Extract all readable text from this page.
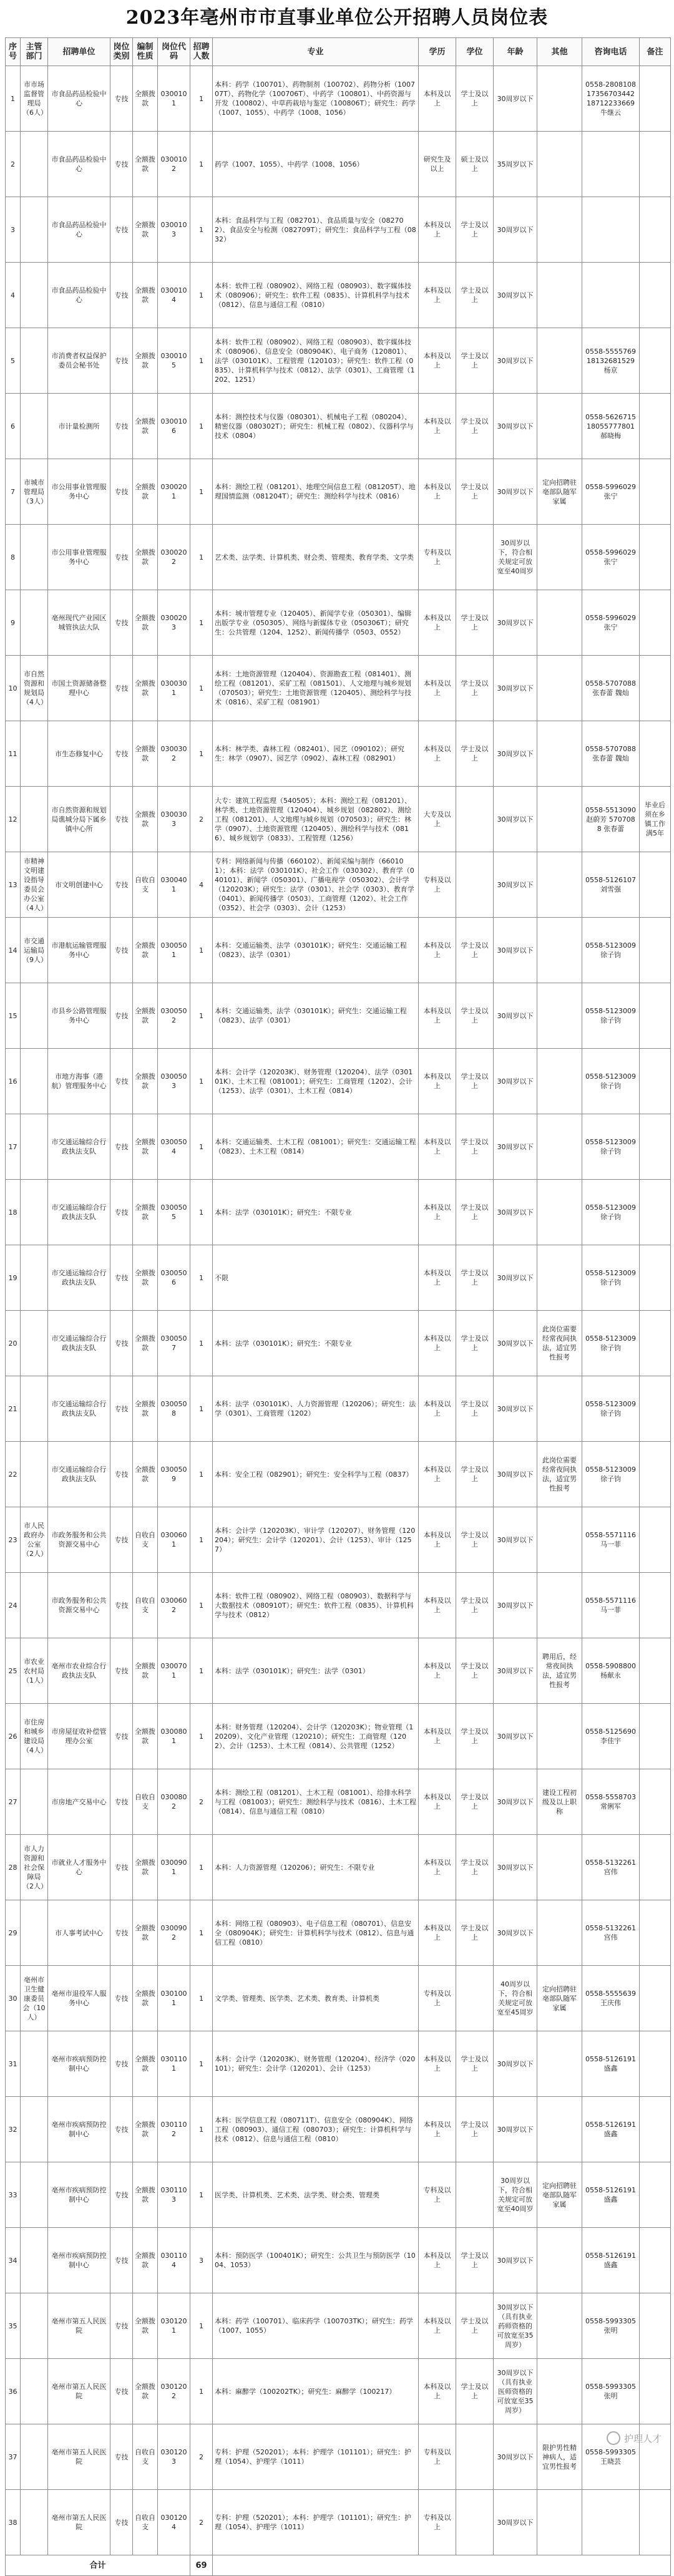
2023年亳州市市直事业单位公开招聘人员岗位表
序号	主管部门	招聘单位	岗位类别	编制性质	岗位代码	招聘人数	专业	学历	学位	年龄	其他	咨询电话	备注
1	市市场监督管理局（6人）	市食品药品检验中心	专技	全额拨款	0300101	1	本科：药学（100701）、药物制剂（100702）、药物分析（100707T）、药物化学（100706T）、中药学（100801）、中药资源与开发（100802）、中草药栽培与鉴定（100806T）；研究生：药学（1007、1055）、中药学（1008、1056）	本科及以上	学士及以上	30周岁以下		0558-2808108 17356703442 18712233669 牛继云	
2		市食品药品检验中心	专技	全额拨款	0300102	1	药学（1007、1055）、中药学（1008、1056）	研究生及以上	硕士及以上	35周岁以下			
3		市食品药品检验中心	专技	全额拨款	0300103	1	本科：食品科学与工程（082701）、食品质量与安全（082702）、食品安全与检测（082709T）；研究生：食品科学与工程（0832）	本科及以上	学士及以上	30周岁以下			
4		市食品药品检验中心	专技	全额拨款	0300104	1	本科：软件工程（080902）、网络工程（080903）、数字媒体技术（080906）；研究生：软件工程（0835）、计算机科学与技术（0812）、信息与通信工程（0810）	本科及以上	学士及以上	30周岁以下			
5		市消费者权益保护委员会秘书处	专技	全额拨款	0300105	1	本科：软件工程（080902）、网络工程（080903）、数字媒体技术（080906）、信息安全（080904K）、电子商务（120801）、法学（030101K）、工程管理（120103）；研究生：软件工程（0835）、计算机科学与技术（0812）、法学（0301）、工商管理（1202、1251）	本科及以上	学士及以上	30周岁以下		0558-5555769 18132681529 杨京	
6		市计量检测所	专技	全额拨款	0300106	1	本科：测控技术与仪器（080301）、机械电子工程（080204）、精密仪器（080302T）；研究生：机械工程（0802）、仪器科学与技术（0804）	本科及以上	学士及以上	30周岁以下		0558-5626715 18055777801 郝晓梅	
7	市城市管理局（3人）	市公用事业管理服务中心	专技	全额拨款	0300201	1	本科：测绘工程（081201）、地理空间信息工程（081205T）、地理国情监测（081204T）；研究生：测绘科学与技术（0816）	本科及以上	学士及以上	30周岁以下	定向招聘驻亳部队随军家属	0558-5996029 张宁	
8		市公用事业管理服务中心	专技	全额拨款	0300202	1	艺术类、法学类、计算机类、财会类、管理类、教育学类、文学类	专科及以上		30周岁以下，符合相关规定可放宽至40周岁		0558-5996029 张宁	
9		亳州现代产业园区城管执法大队	专技	全额拨款	0300203	1	本科：城市管理专业（120405）、新闻学专业（050301）、编辑出版学专业（050305）、网络与新媒体专业（050306T）；研究生：公共管理（1204、1252）、新闻传播学（0503、0552）	本科及以上	学士及以上	30周岁以下		0558-5996029 张宁	
10	市自然资源和规划局（4人）	市国土资源储备整理中心	专技	全额拨款	0300301	1	本科：土地资源管理（120404）、资源勘查工程（081401）、测绘工程（081201）、采矿工程（081501）、人文地理与城乡规划（070503）；研究生：土地资源管理（120405）、测绘科学与技术（0816）、采矿工程（081901）	本科及以上	学士及以上	30周岁以下		0558-5707088 张春蕾 魏灿	
11		市生态修复中心	专技	全额拨款	0300302	1	本科：林学类、森林工程（082401）、园艺（090102）；研究生：林学（0907）、园艺学（0902）、森林工程（082901）	本科及以上	学士及以上	30周岁以下		0558-5707088 张春蕾 魏灿	
12		市自然资源和规划局谯城分局下属乡镇中心所	专技	全额拨款	0300303	2	大专：建筑工程监理（540505）；本科：测绘工程（081201）、林学类、土地资源管理（120404）、城乡规划（082802）、测绘工程（081201）、人文地理与城乡规划（070503）；研究生：林学（0907）、土地资源管理（120405）、测绘科学与技术（0816）、城乡规划学（0833）、工程管理（1256）	大专及以上		30周岁以下		0558-5513090 赵蔚芳 5707088 张春蕾	毕业后须在乡镇工作满5年
13	市精神文明建设指导委员会办公室（4人）	市文明创建中心	专技	自收自支	0300401	4	专科：网络新闻与传播（660102）、新闻采编与制作（660101）；本科：法学（030101K）、社会工作（030302）、教育学（040101）、新闻学（050301）、广播电视学（050302）、会计学（120203K）；研究生：法学（0301）、社会学（0303）、教育学（0401）、新闻传播学（0503）、工商管理（1202）、社会工作（0352）、社会学（0303）、会计（1253）	专科及以上		30周岁以下		0558-5126107 刘雪强	
14	市交通运输局（9人）	市港航运输管理服务中心	专技	全额拨款	0300501	1	本科：交通运输类、法学（030101K）；研究生：交通运输工程（0823）、法学（0301）	本科及以上	学士及以上	30周岁以下		0558-5123009 徐子钧	
15		市县乡公路管理服务中心	专技	全额拨款	0300502	1	本科：交通运输类、法学（030101K）；研究生：交通运输工程（0823）、法学（0301）	本科及以上	学士及以上	30周岁以下		0558-5123009 徐子钧	
16		市地方海事（港航）管理服务中心	专技	全额拨款	0300503	1	本科：会计学（120203K）、财务管理（120204）、法学（030101K）、土木工程（081001）；研究生：工商管理（1202）、会计（1253）、法学（0301）、土木工程（0814）	本科及以上	学士及以上	30周岁以下		0558-5123009 徐子钧	
17		市交通运输综合行政执法支队	专技	全额拨款	0300504	1	本科：交通运输类、土木工程（081001）；研究生：交通运输工程（0823）、土木工程（0814）	本科及以上	学士及以上	30周岁以下		0558-5123009 徐子钧	
18		市交通运输综合行政执法支队	专技	全额拨款	0300505	1	本科：法学（030101K）；研究生：不限专业	本科及以上	学士及以上	30周岁以下		0558-5123009 徐子钧	
19		市交通运输综合行政执法支队	专技	全额拨款	0300506	1	不限	本科及以上	学士及以上	30周岁以下		0558-5123009 徐子钧	
20		市交通运输综合行政执法支队	专技	全额拨款	0300507	1	本科：法学（030101K）；研究生：不限专业	本科及以上	学士及以上	30周岁以下	此岗位需要经常夜间执法，适宜男性报考	0558-5123009 徐子钧	
21		市交通运输综合行政执法支队	专技	全额拨款	0300508	1	本科：法学（030101K）、人力资源管理（120206）；研究生：法学（0301）、工商管理（1202）	本科及以上	学士及以上	30周岁以下		0558-5123009 徐子钧	
22		市交通运输综合行政执法支队	专技	全额拨款	0300509	1	本科：安全工程（082901）；研究生：安全科学与工程（0837）	本科及以上	学士及以上	30周岁以下	此岗位需要经常夜间执法，适宜男性报考	0558-5123009 徐子钧	
23	市人民政府办公室（2人）	市政务服务和公共资源交易中心	专技	自收自支	0300601	1	本科：会计学（120203K）、审计学（120207）、财务管理（120204）；研究生：会计学（120201）、会计（1253）、审计（1257）	本科及以上	学士及以上	30周岁以下		0558-5571116 马一菲	
24		市政务服务和公共资源交易中心	专技	自收自支	0300602	1	本科：软件工程（080902）、网络工程（080903）、数据科学与大数据技术（080910T）；研究生：软件工程（0835）、计算机科学与技术（0812）	本科及以上	学士及以上	30周岁以下		0558-5571116 马一菲	
25	市农业农村局（1人）	亳州市农业综合行政执法支队	专技	全额拨款	0300701	1	本科：法学（030101K）；研究生：法学（0301）	本科及以上	学士及以上	30周岁以下	聘用后，经常夜间执法，适宜男性报考	0558-5908800 杨献永	
26	市住房和城乡建设局（4人）	市房屋征收补偿管理办公室	专技	全额拨款	0300801	1	本科：财务管理（120204）、会计学（120203K）；物业管理（120209）、文化产业管理（120210）；研究生：工商管理（1202）、会计（1253）、土木工程（0814）、公共管理（1252）	本科及以上	学士及以上	30周岁以下		0558-5125690 李佳宇	
27		市房地产交易中心	专技	自收自支	0300802	2	本科：测绘工程（081201）、土木工程（081001）、给排水科学与工程（081003）；研究生：测绘科学与技术（0816）、土木工程（0814）、信息与通信工程（0810）	本科及以上	学士及以上	30周岁以下	建设工程初级及以上职称	0558-5558703 常俐军	
28	市人力资源和社会保障局（2人）	市就业人才服务中心	专技	全额拨款	0300901	1	本科：人力资源管理（120206）；研究生：不限专业	本科及以上	学士及以上	30周岁以下		0558-5132261 宫伟	
29		市人事考试中心	专技	全额拨款	0300902	1	本科：网络工程（080903）、电子信息工程（080701）、信息安全（080904K）；研究生：计算机科学与技术（0812）、信息与通信工程（0810）	本科及以上	学士及以上	30周岁以下		0558-5132261 宫伟	
30	亳州市卫生健康委员会（10人）	亳州市退役军人服务中心	专技	全额拨款	0301001	1	文学类、管理类、医学类、艺术类、教育类、计算机类	专科及以上		40周岁以下，符合相关规定可放宽至45周岁	定向招聘驻亳部队随军家属	0558-5555639 王庆伟	
31		亳州市疾病预防控制中心	专技	全额拨款	0301101	1	本科：会计学（120203K）、财务管理（120204）、经济学（020101）；研究生：会计学（120201）、会计（1253）	本科及以上	学士及以上	30周岁以下		0558-5126191 盛鑫	
32		亳州市疾病预防控制中心	专技	全额拨款	0301102	1	本科：医学信息工程（080711T）、信息安全（080904K）、网络工程（080903）、通信工程（080703）；研究生：计算机科学与技术（0812）、信息与通信工程（0810）	本科及以上	学士及以上	30周岁以下		0558-5126191 盛鑫	
33		亳州市疾病预防控制中心	专技	全额拨款	0301103	1	医学类、计算机类、艺术类、法学类、财会类、管理类	专科及以上		30周岁以下，符合相关规定可放宽至40周岁	定向招聘驻亳部队随军家属	0558-5126191 盛鑫	
34		亳州市疾病预防控制中心	专技	全额拨款	0301104	3	本科：预防医学（100401K）；研究生：公共卫生与预防医学（1004、1053）	本科及以上	学士及以上	30周岁以下		0558-5126191 盛鑫	
35		亳州市第五人民医院	专技	全额拨款	0301201	1	本科：药学（100701）、临床药学（100703TK）；研究生：药学（1007、1055）	本科及以上	学士及以上	30周岁以下（具有执业药师资格的可放宽至35周岁）		0558-5993305 张明	
36		亳州市第五人民医院	专技	全额拨款	0301202	1	本科：麻醉学（100202TK）；研究生：麻醉学（100217）	本科及以上	学士及以上	30周岁以下（具有执业医师资格的可放宽至35周岁）		0558-5993305 张明	
37		亳州市第五人民医院	专技	自收自支	0301203	2	专科：护理（520201）；本科：护理学（101101）；研究生：护理（1054）、护理学（1011）	专科及以上		30周岁以下	限护男性精神病人，适宜男性报考	0558-5993305 王晓芸	
38		亳州市第五人民医院	专技	自收自支	0301204	2	专科：护理（520201）；本科：护理学（101101）；研究生：护理（1054）、护理学（1011）	专科及以上		30周岁以下			
合计						69							
护理人才
